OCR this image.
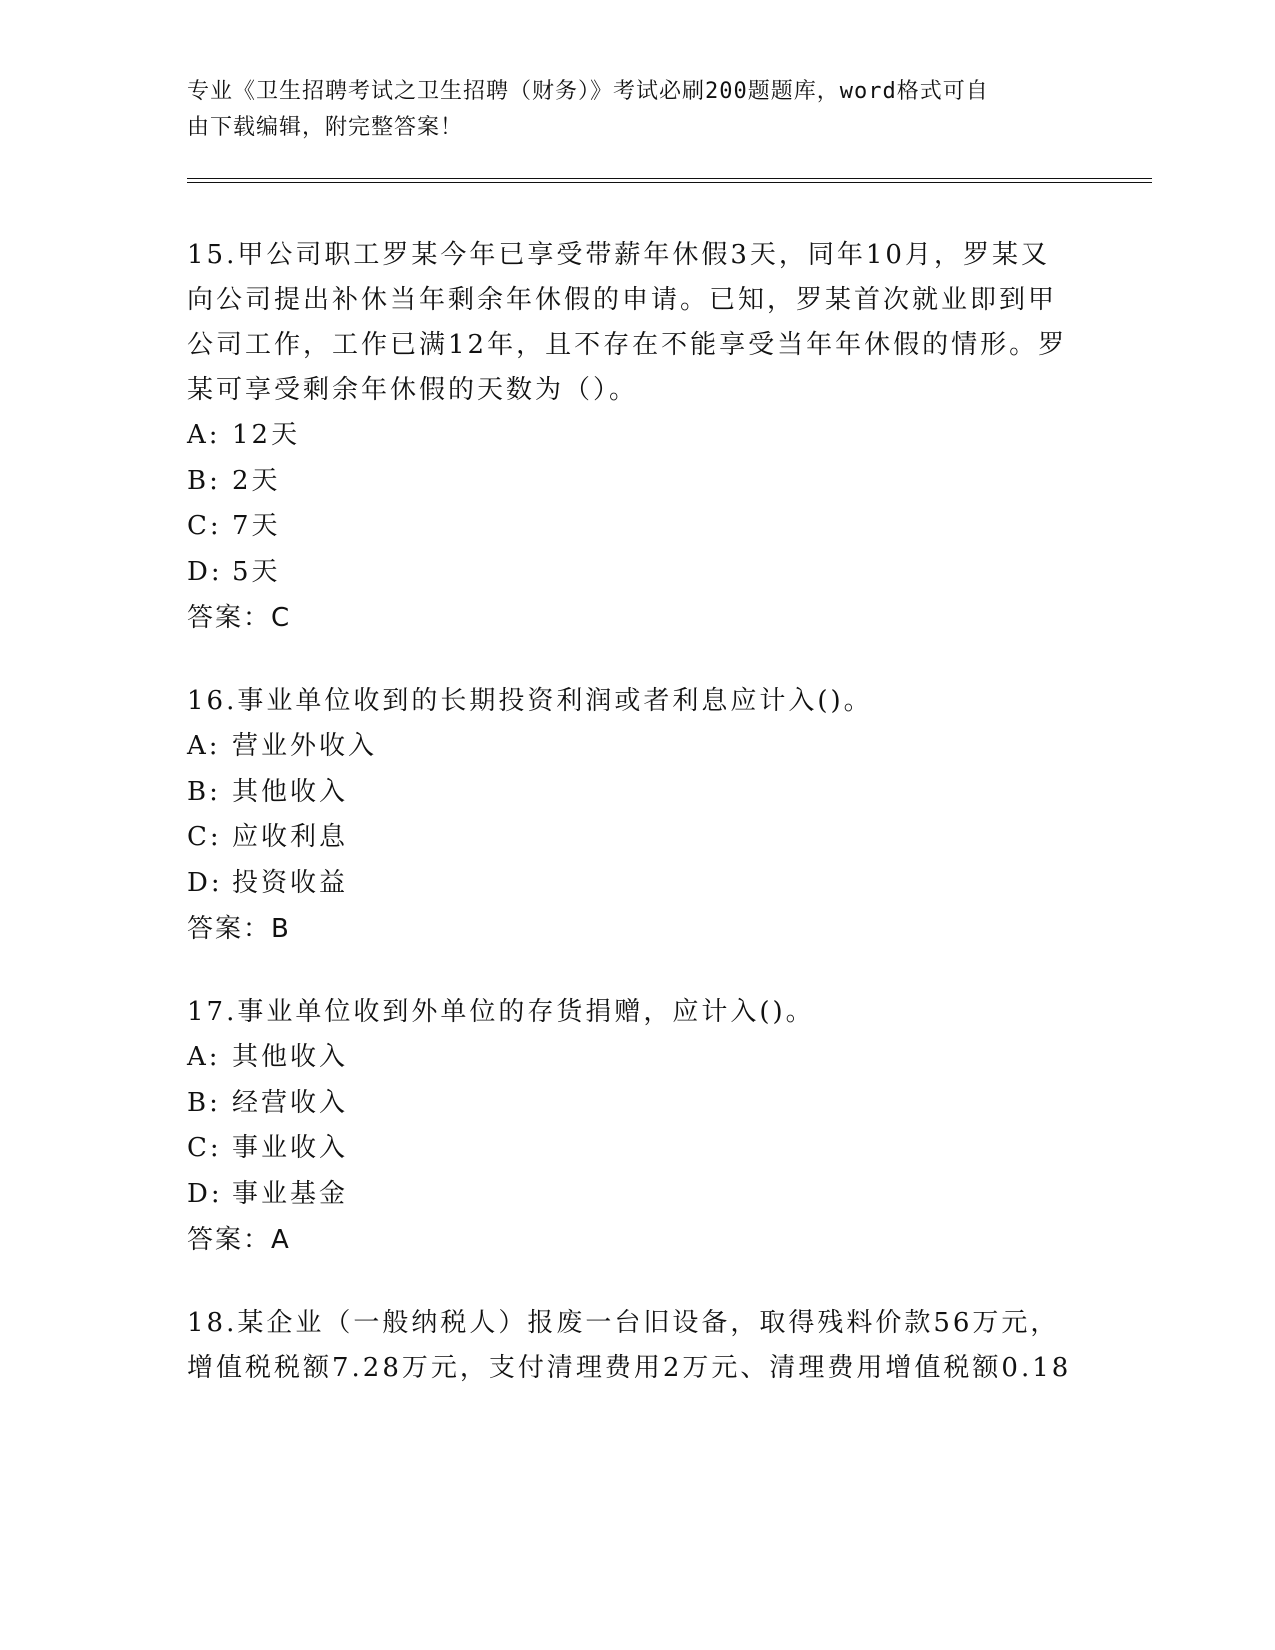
专业《卫生招聘考试之卫生招聘（财务）》考试必刷200题题库，word格式可自
由下载编辑，附完整答案！

15.甲公司职工罗某今年已享受带薪年休假3天，同年10月，罗某又
向公司提出补休当年剩余年休假的申请。已知，罗某首次就业即到甲
公司工作，工作已满12年，且不存在不能享受当年年休假的情形。罗
某可享受剩余年休假的天数为（）。

A: 12天
B: 2天
C: 7天
D: 5天
答案：C

16.事业单位收到的长期投资利润或者利息应计入()。

A: 营业外收入
B: 其他收入
C: 应收利息
D: 投资收益
答案：B

17.事业单位收到外单位的存货捐赠，应计入()。

A: 其他收入
B: 经营收入
C: 事业收入
D: 事业基金
答案：A

18.某企业（一般纳税人）报废一台旧设备，取得残料价款56万元，
增值税税额7.28万元，支付清理费用2万元、清理费用增值税额0.18
